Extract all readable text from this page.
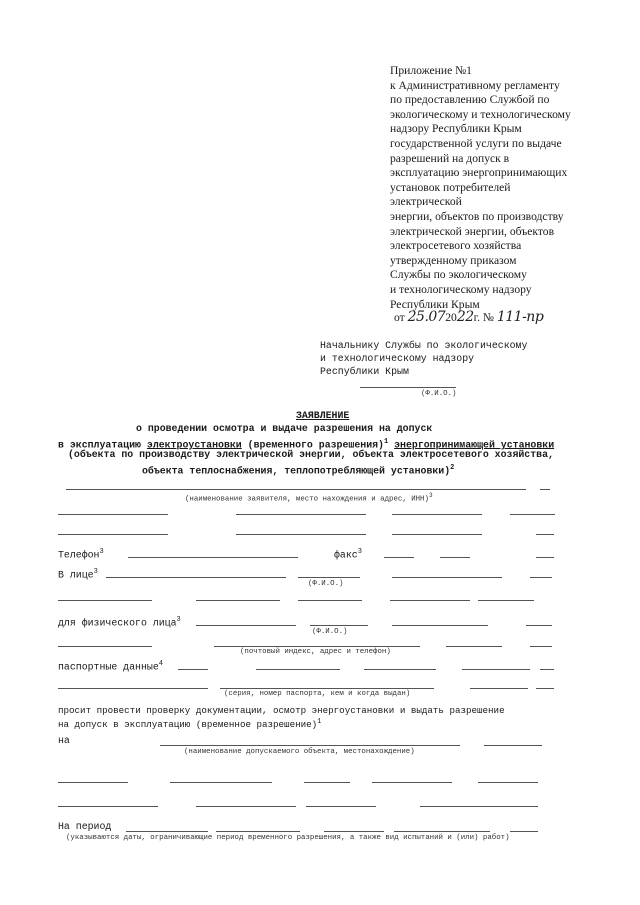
Приложение №1
к Административному регламенту
по предоставлению Службой по
экологическому и технологическому
надзору Республики Крым
государственной услуги по выдаче
разрешений на допуск в
эксплуатацию энергопринимающих
установок потребителей
электрической
энергии, объектов по производству
электрической энергии, объектов
электросетевого хозяйства
утвержденному приказом
Службы по экологическому
и технологическому надзору
Республики Крым
от 25.072022г. № 111-пр
Начальнику Службы по экологическому
и технологическому надзору
Республики Крым
(Ф.И.О.)
ЗАЯВЛЕНИЕ
о проведении осмотра и выдаче разрешения на допуск
в эксплуатацию электроустановки (временного разрешения)$^1$ энергопринимающей установки
(объекта по производству электрической энергии, объекта электросетевого хозяйства,
объекта теплоснабжения, теплопотребляющей установки)$^2$
(наименование заявителя, место нахождения и адрес, ИНН)$^3$
Телефон$^3$	факс$^3$
В лице$^3$
(Ф.И.О.)
для физического лица$^3$
(Ф.И.О.)
(почтовый индекс, адрес и телефон)
паспортные данные$^4$
(серия, номер паспорта, кем и когда выдан)
просит провести проверку документации, осмотр энергоустановки и выдать разрешение
на допуск в эксплуатацию (временное разрешение)$^1$
на
(наименование допускаемого объекта, местонахождение)
На период
(указываются даты, ограничивающие период временного разрешения, а также вид испытаний и (или) работ)
